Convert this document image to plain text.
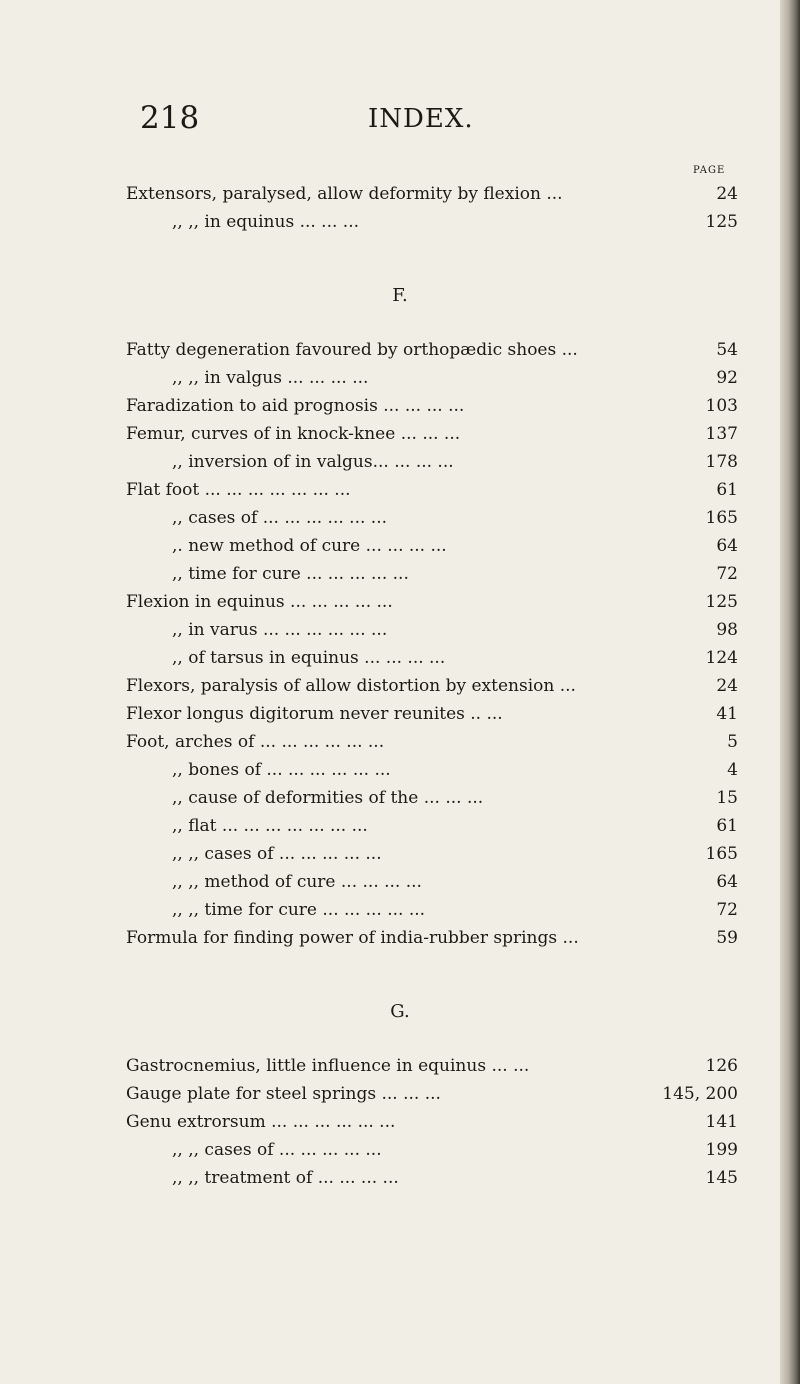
218	INDEX.
PAGE
Extensors, paralysed, allow deformity by flexion ...	24
,, ,, in equinus ... ... ...	125
F.
Fatty degeneration favoured by orthopædic shoes ...	54
,, ,, in valgus ... ... ... ...	92
Faradization to aid prognosis ... ... ... ...	103
Femur, curves of in knock-knee ... ... ...	137
,, inversion of in valgus... ... ... ...	178
Flat foot ... ... ... ... ... ... ...	61
,, cases of ... ... ... ... ... ...	165
,. new method of cure ... ... ... ...	64
,, time for cure ... ... ... ... ...	72
Flexion in equinus ... ... ... ... ...	125
,, in varus ... ... ... ... ... ...	98
,, of tarsus in equinus ... ... ... ...	124
Flexors, paralysis of allow distortion by extension ...	24
Flexor longus digitorum never reunites .. ...	41
Foot, arches of ... ... ... ... ... ...	5
,, bones of ... ... ... ... ... ...	4
,, cause of deformities of the ... ... ...	15
,, flat ... ... ... ... ... ... ...	61
,, ,, cases of ... ... ... ... ...	165
,, ,, method of cure ... ... ... ...	64
,, ,, time for cure ... ... ... ... ...	72
Formula for finding power of india-rubber springs ...	59
G.
Gastrocnemius, little influence in equinus ... ...	126
Gauge plate for steel springs ... ... ...	145, 200
Genu extrorsum ... ... ... ... ... ...	141
,, ,, cases of ... ... ... ... ...	199
,, ,, treatment of ... ... ... ...	145
